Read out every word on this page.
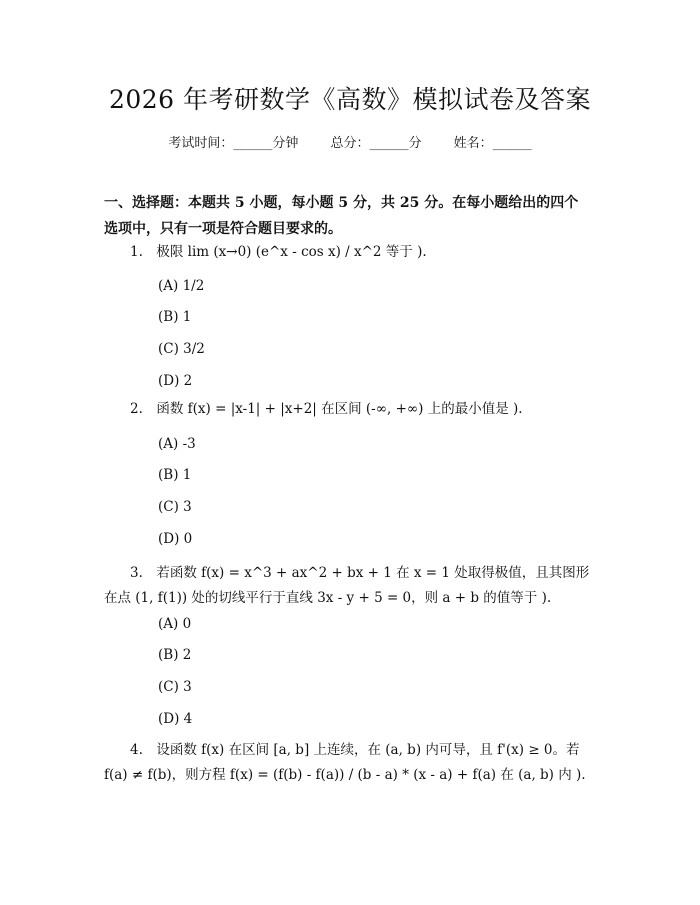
2026 年考研数学《高数》模拟试卷及答案
考试时间：______分钟 总分：______分 姓名：______
一、选择题：本题共 5 小题，每小题 5 分，共 25 分。在每小题给出的四个选项中，只有一项是符合题目要求的。
1.　极限 lim (x→0) (e^x - cos x) / x^2 等于 ).
(A) 1/2
(B) 1
(C) 3/2
(D) 2
2.　函数 f(x) = |x-1| + |x+2| 在区间 (-∞, +∞) 上的最小值是 ).
(A) -3
(B) 1
(C) 3
(D) 0
3.　若函数 f(x) = x^3 + ax^2 + bx + 1 在 x = 1 处取得极值，且其图形在点 (1, f(1)) 处的切线平行于直线 3x - y + 5 = 0，则 a + b 的值等于 ).
(A) 0
(B) 2
(C) 3
(D) 4
4.　设函数 f(x) 在区间 [a, b] 上连续，在 (a, b) 内可导，且 f'(x) ≥ 0。若 f(a) ≠ f(b)，则方程 f(x) = (f(b) - f(a)) / (b - a) * (x - a) + f(a) 在 (a, b) 内 ).
